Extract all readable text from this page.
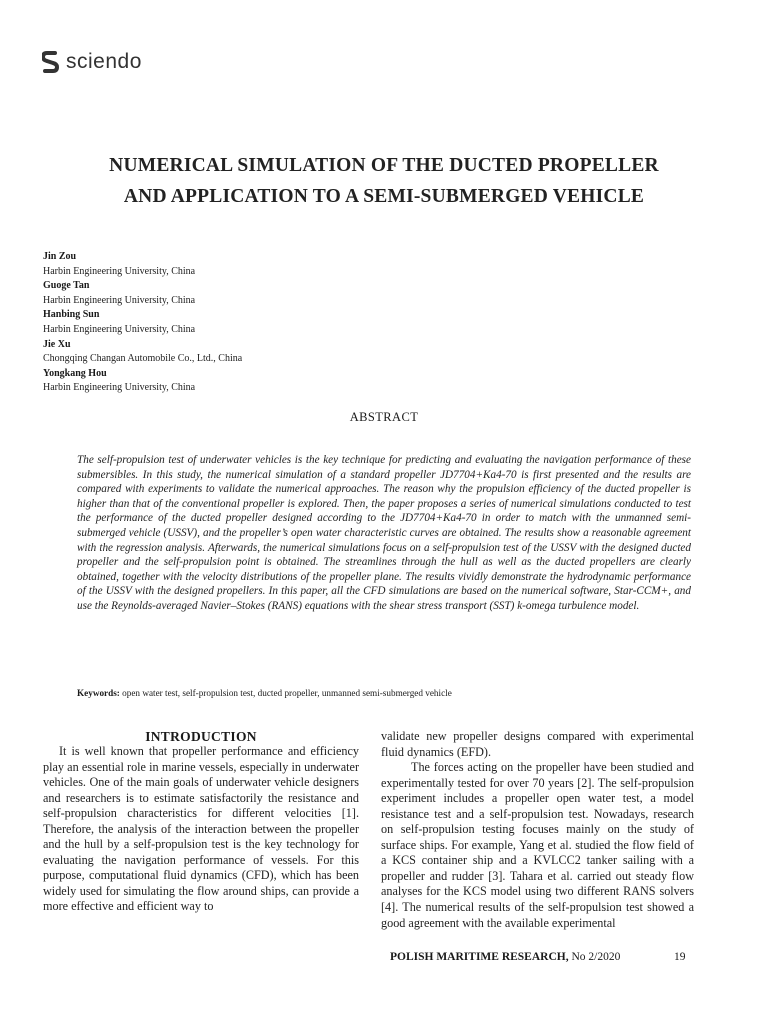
sciendo
NUMERICAL SIMULATION OF THE DUCTED PROPELLER
AND APPLICATION TO A SEMI-SUBMERGED VEHICLE
Jin Zou
Harbin Engineering University, China
Guoge Tan
Harbin Engineering University, China
Hanbing Sun
Harbin Engineering University, China
Jie Xu
Chongqing Changan Automobile Co., Ltd., China
Yongkang Hou
Harbin Engineering University, China
ABSTRACT
The self-propulsion test of underwater vehicles is the key technique for predicting and evaluating the navigation performance of these submersibles. In this study, the numerical simulation of a standard propeller JD7704+Ka4-70 is first presented and the results are compared with experiments to validate the numerical approaches. The reason why the propulsion efficiency of the ducted propeller is higher than that of the conventional propeller is explored. Then, the paper proposes a series of numerical simulations conducted to test the performance of the ducted propeller designed according to the JD7704+Ka4-70 in order to match with the unmanned semi-submerged vehicle (USSV), and the propeller’s open water characteristic curves are obtained. The results show a reasonable agreement with the regression analysis. Afterwards, the numerical simulations focus on a self-propulsion test of the USSV with the designed ducted propeller and the self-propulsion point is obtained. The streamlines through the hull as well as the ducted propellers are clearly obtained, together with the velocity distributions of the propeller plane. The results vividly demonstrate the hydrodynamic performance of the USSV with the designed propellers. In this paper, all the CFD simulations are based on the numerical software, Star-CCM+, and use the Reynolds-averaged Navier–Stokes (RANS) equations with the shear stress transport (SST) k-omega turbulence model.
Keywords: open water test, self-propulsion test, ducted propeller, unmanned semi-submerged vehicle
INTRODUCTION

It is well known that propeller performance and efficiency play an essential role in marine vessels, especially in underwater vehicles. One of the main goals of underwater vehicle designers and researchers is to estimate satisfactorily the resistance and self-propulsion characteristics for different velocities [1]. Therefore, the analysis of the interaction between the propeller and the hull by a self-propulsion test is the key technology for evaluating the navigation performance of vessels. For this purpose, computational fluid dynamics (CFD), which has been widely used for simulating the flow around ships, can provide a more effective and efficient way to

validate new propeller designs compared with experimental fluid dynamics (EFD).

The forces acting on the propeller have been studied and experimentally tested for over 70 years [2]. The self-propulsion experiment includes a propeller open water test, a model resistance test and a self-propulsion test. Nowadays, research on self-propulsion testing focuses mainly on the study of surface ships. For example, Yang et al. studied the flow field of a KCS container ship and a KVLCC2 tanker sailing with a propeller and rudder [3]. Tahara et al. carried out steady flow analyses for the KCS model using two different RANS solvers [4]. The numerical results of the self-propulsion test showed a good agreement with the available experimental

POLISH MARITIME RESEARCH, No 2/2020	19
